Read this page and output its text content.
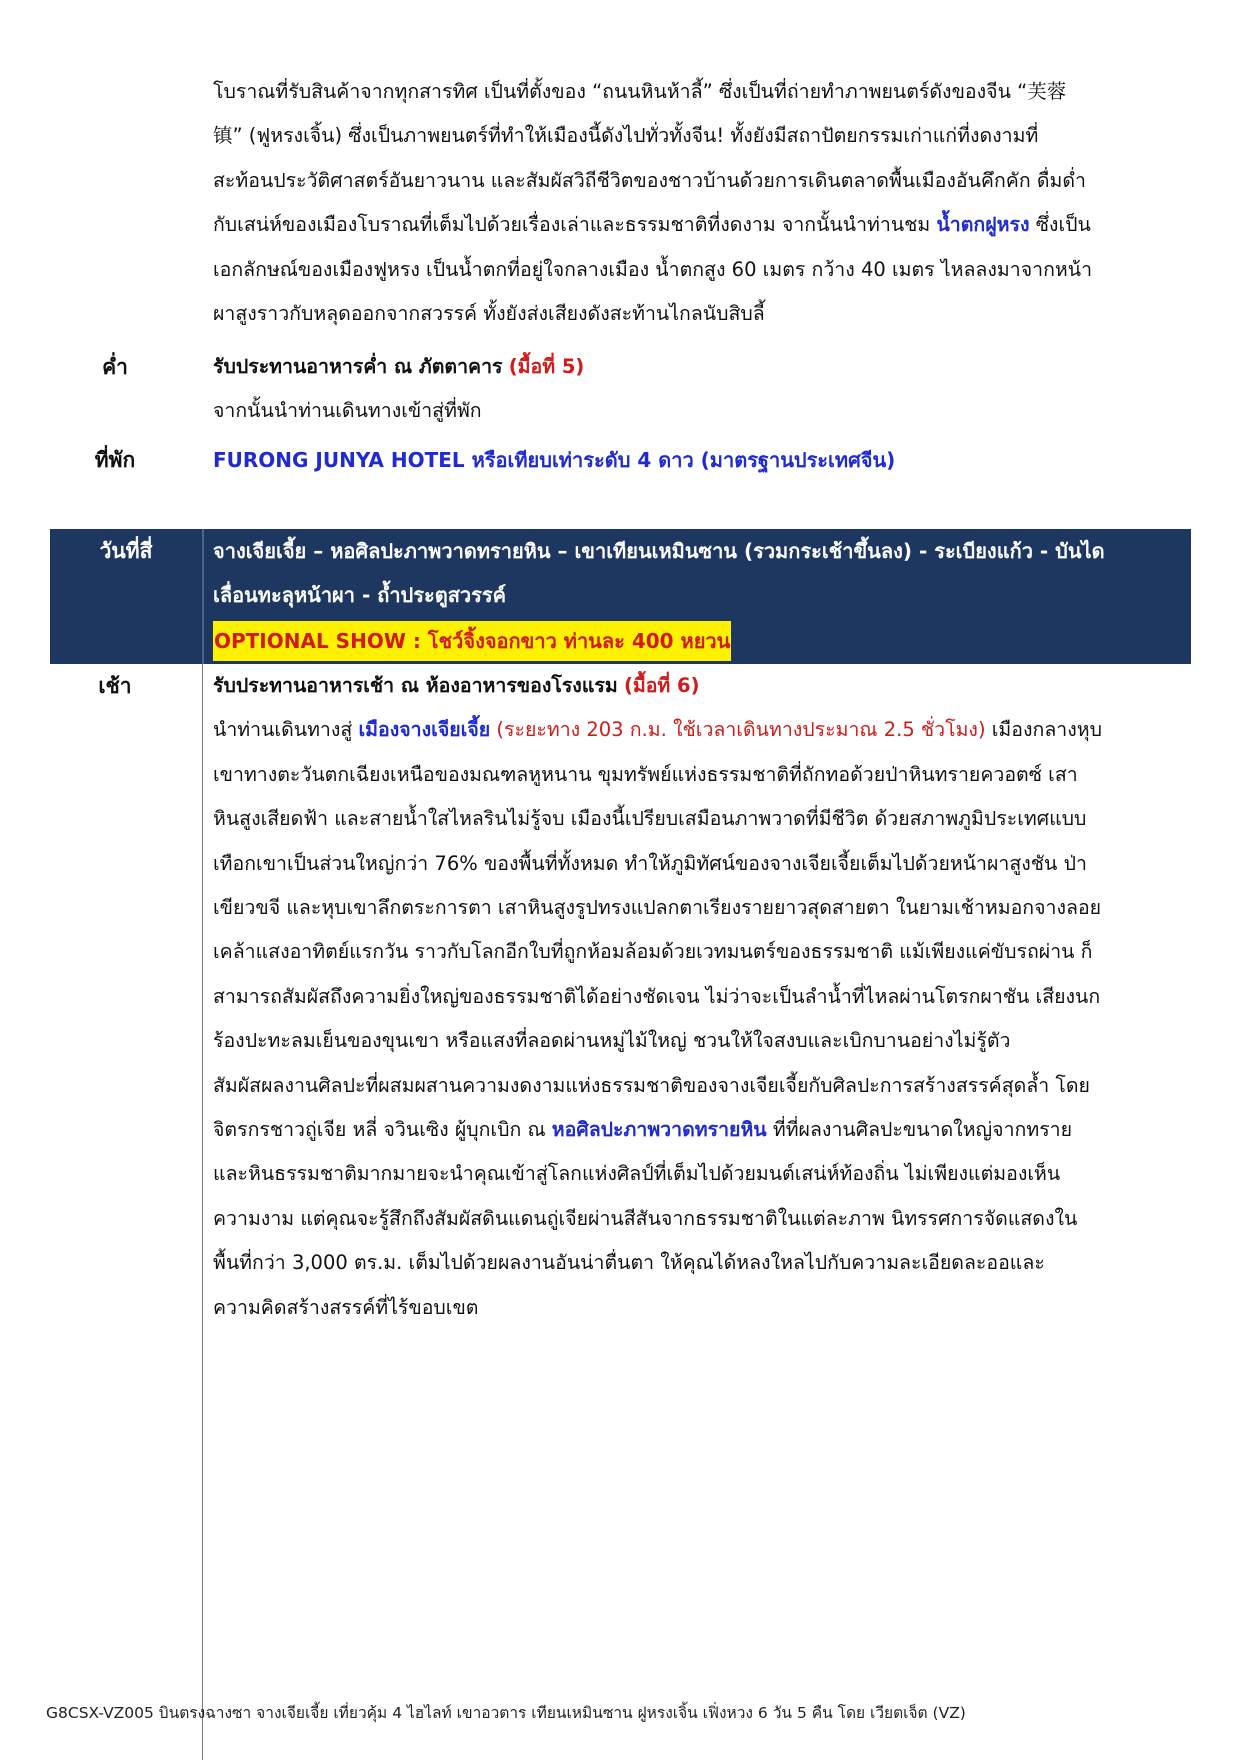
โบราณที่รับสินค้าจากทุกสารทิศ เป็นที่ตั้งของ “ถนนหินห้าลี้” ซึ่งเป็นที่ถ่ายทำภาพยนตร์ดังของจีน “芙蓉
镇” (ฟูหรงเจิ้น) ซึ่งเป็นภาพยนตร์ที่ทำให้เมืองนี้ดังไปทั่วทั้งจีน! ทั้งยังมีสถาปัตยกรรมเก่าแก่ที่งดงามที่
สะท้อนประวัติศาสตร์อันยาวนาน และสัมผัสวิถีชีวิตของชาวบ้านด้วยการเดินตลาดพื้นเมืองอันคึกคัก ดื่มด่ำ
กับเสน่ห์ของเมืองโบราณที่เต็มไปด้วยเรื่องเล่าและธรรมชาติที่งดงาม จากนั้นนำท่านชม น้ำตกฝูหรง ซึ่งเป็น
เอกลักษณ์ของเมืองฟูหรง เป็นน้ำตกที่อยู่ใจกลางเมือง น้ำตกสูง 60 เมตร กว้าง 40 เมตร ไหลลงมาจากหน้า
ผาสูงราวกับหลุดออกจากสวรรค์ ทั้งยังส่งเสียงดังสะท้านไกลนับสิบลี้
ค่ำ	รับประทานอาหารค่ำ ณ ภัตตาคาร (มื้อที่ 5)
จากนั้นนำท่านเดินทางเข้าสู่ที่พัก
ที่พัก	FURONG JUNYA HOTEL หรือเทียบเท่าระดับ 4 ดาว (มาตรฐานประเทศจีน)
วันที่สี่	จางเจียเจี้ย – หอศิลปะภาพวาดทรายหิน – เขาเทียนเหมินซาน (รวมกระเช้าขึ้นลง) - ระเบียงแก้ว - บันได
เลื่อนทะลุหน้าผา - ถ้ำประตูสวรรค์
OPTIONAL SHOW : โชว์จิ้งจอกขาว ท่านละ 400 หยวน
เช้า	รับประทานอาหารเช้า ณ ห้องอาหารของโรงแรม (มื้อที่ 6)
นำท่านเดินทางสู่ เมืองจางเจียเจี้ย (ระยะทาง 203 ก.ม. ใช้เวลาเดินทางประมาณ 2.5 ชั่วโมง) เมืองกลางหุบ
เขาทางตะวันตกเฉียงเหนือของมณฑลหูหนาน ขุมทรัพย์แห่งธรรมชาติที่ถักทอด้วยป่าหินทรายควอตซ์ เสา
หินสูงเสียดฟ้า และสายน้ำใสไหลรินไม่รู้จบ เมืองนี้เปรียบเสมือนภาพวาดที่มีชีวิต ด้วยสภาพภูมิประเทศแบบ
เทือกเขาเป็นส่วนใหญ่กว่า 76% ของพื้นที่ทั้งหมด ทำให้ภูมิทัศน์ของจางเจียเจี้ยเต็มไปด้วยหน้าผาสูงชัน ป่า
เขียวขจี และหุบเขาลึกตระการตา เสาหินสูงรูปทรงแปลกตาเรียงรายยาวสุดสายตา ในยามเช้าหมอกจางลอย
เคล้าแสงอาทิตย์แรกวัน ราวกับโลกอีกใบที่ถูกห้อมล้อมด้วยเวทมนตร์ของธรรมชาติ แม้เพียงแค่ขับรถผ่าน ก็
สามารถสัมผัสถึงความยิ่งใหญ่ของธรรมชาติได้อย่างชัดเจน ไม่ว่าจะเป็นลำน้ำที่ไหลผ่านโตรกผาชัน เสียงนก
ร้องปะทะลมเย็นของขุนเขา หรือแสงที่ลอดผ่านหมู่ไม้ใหญ่ ชวนให้ใจสงบและเบิกบานอย่างไม่รู้ตัว
สัมผัสผลงานศิลปะที่ผสมผสานความงดงามแห่งธรรมชาติของจางเจียเจี้ยกับศิลปะการสร้างสรรค์สุดล้ำ โดย
จิตรกรชาวถู่เจีย หลี่ จวินเซิง ผู้บุกเบิก ณ หอศิลปะภาพวาดทรายหิน ที่ที่ผลงานศิลปะขนาดใหญ่จากทราย
และหินธรรมชาติมากมายจะนำคุณเข้าสู่โลกแห่งศิลป์ที่เต็มไปด้วยมนต์เสน่ห์ท้องถิ่น ไม่เพียงแต่มองเห็น
ความงาม แต่คุณจะรู้สึกถึงสัมผัสดินแดนถู่เจียผ่านสีสันจากธรรมชาติในแต่ละภาพ นิทรรศการจัดแสดงใน
พื้นที่กว่า 3,000 ตร.ม. เต็มไปด้วยผลงานอันน่าตื่นตา ให้คุณได้หลงใหลไปกับความละเอียดละออและ
ความคิดสร้างสรรค์ที่ไร้ขอบเขต
G8CSX-VZ005 บินตรงฉางซา จางเจียเจี้ย เที่ยวคุ้ม 4 ไฮไลท์ เขาอวตาร เทียนเหมินซาน ฝูหรงเจิ้น เฟิ่งหวง 6 วัน 5 คืน โดย เวียตเจ็ต (VZ)
